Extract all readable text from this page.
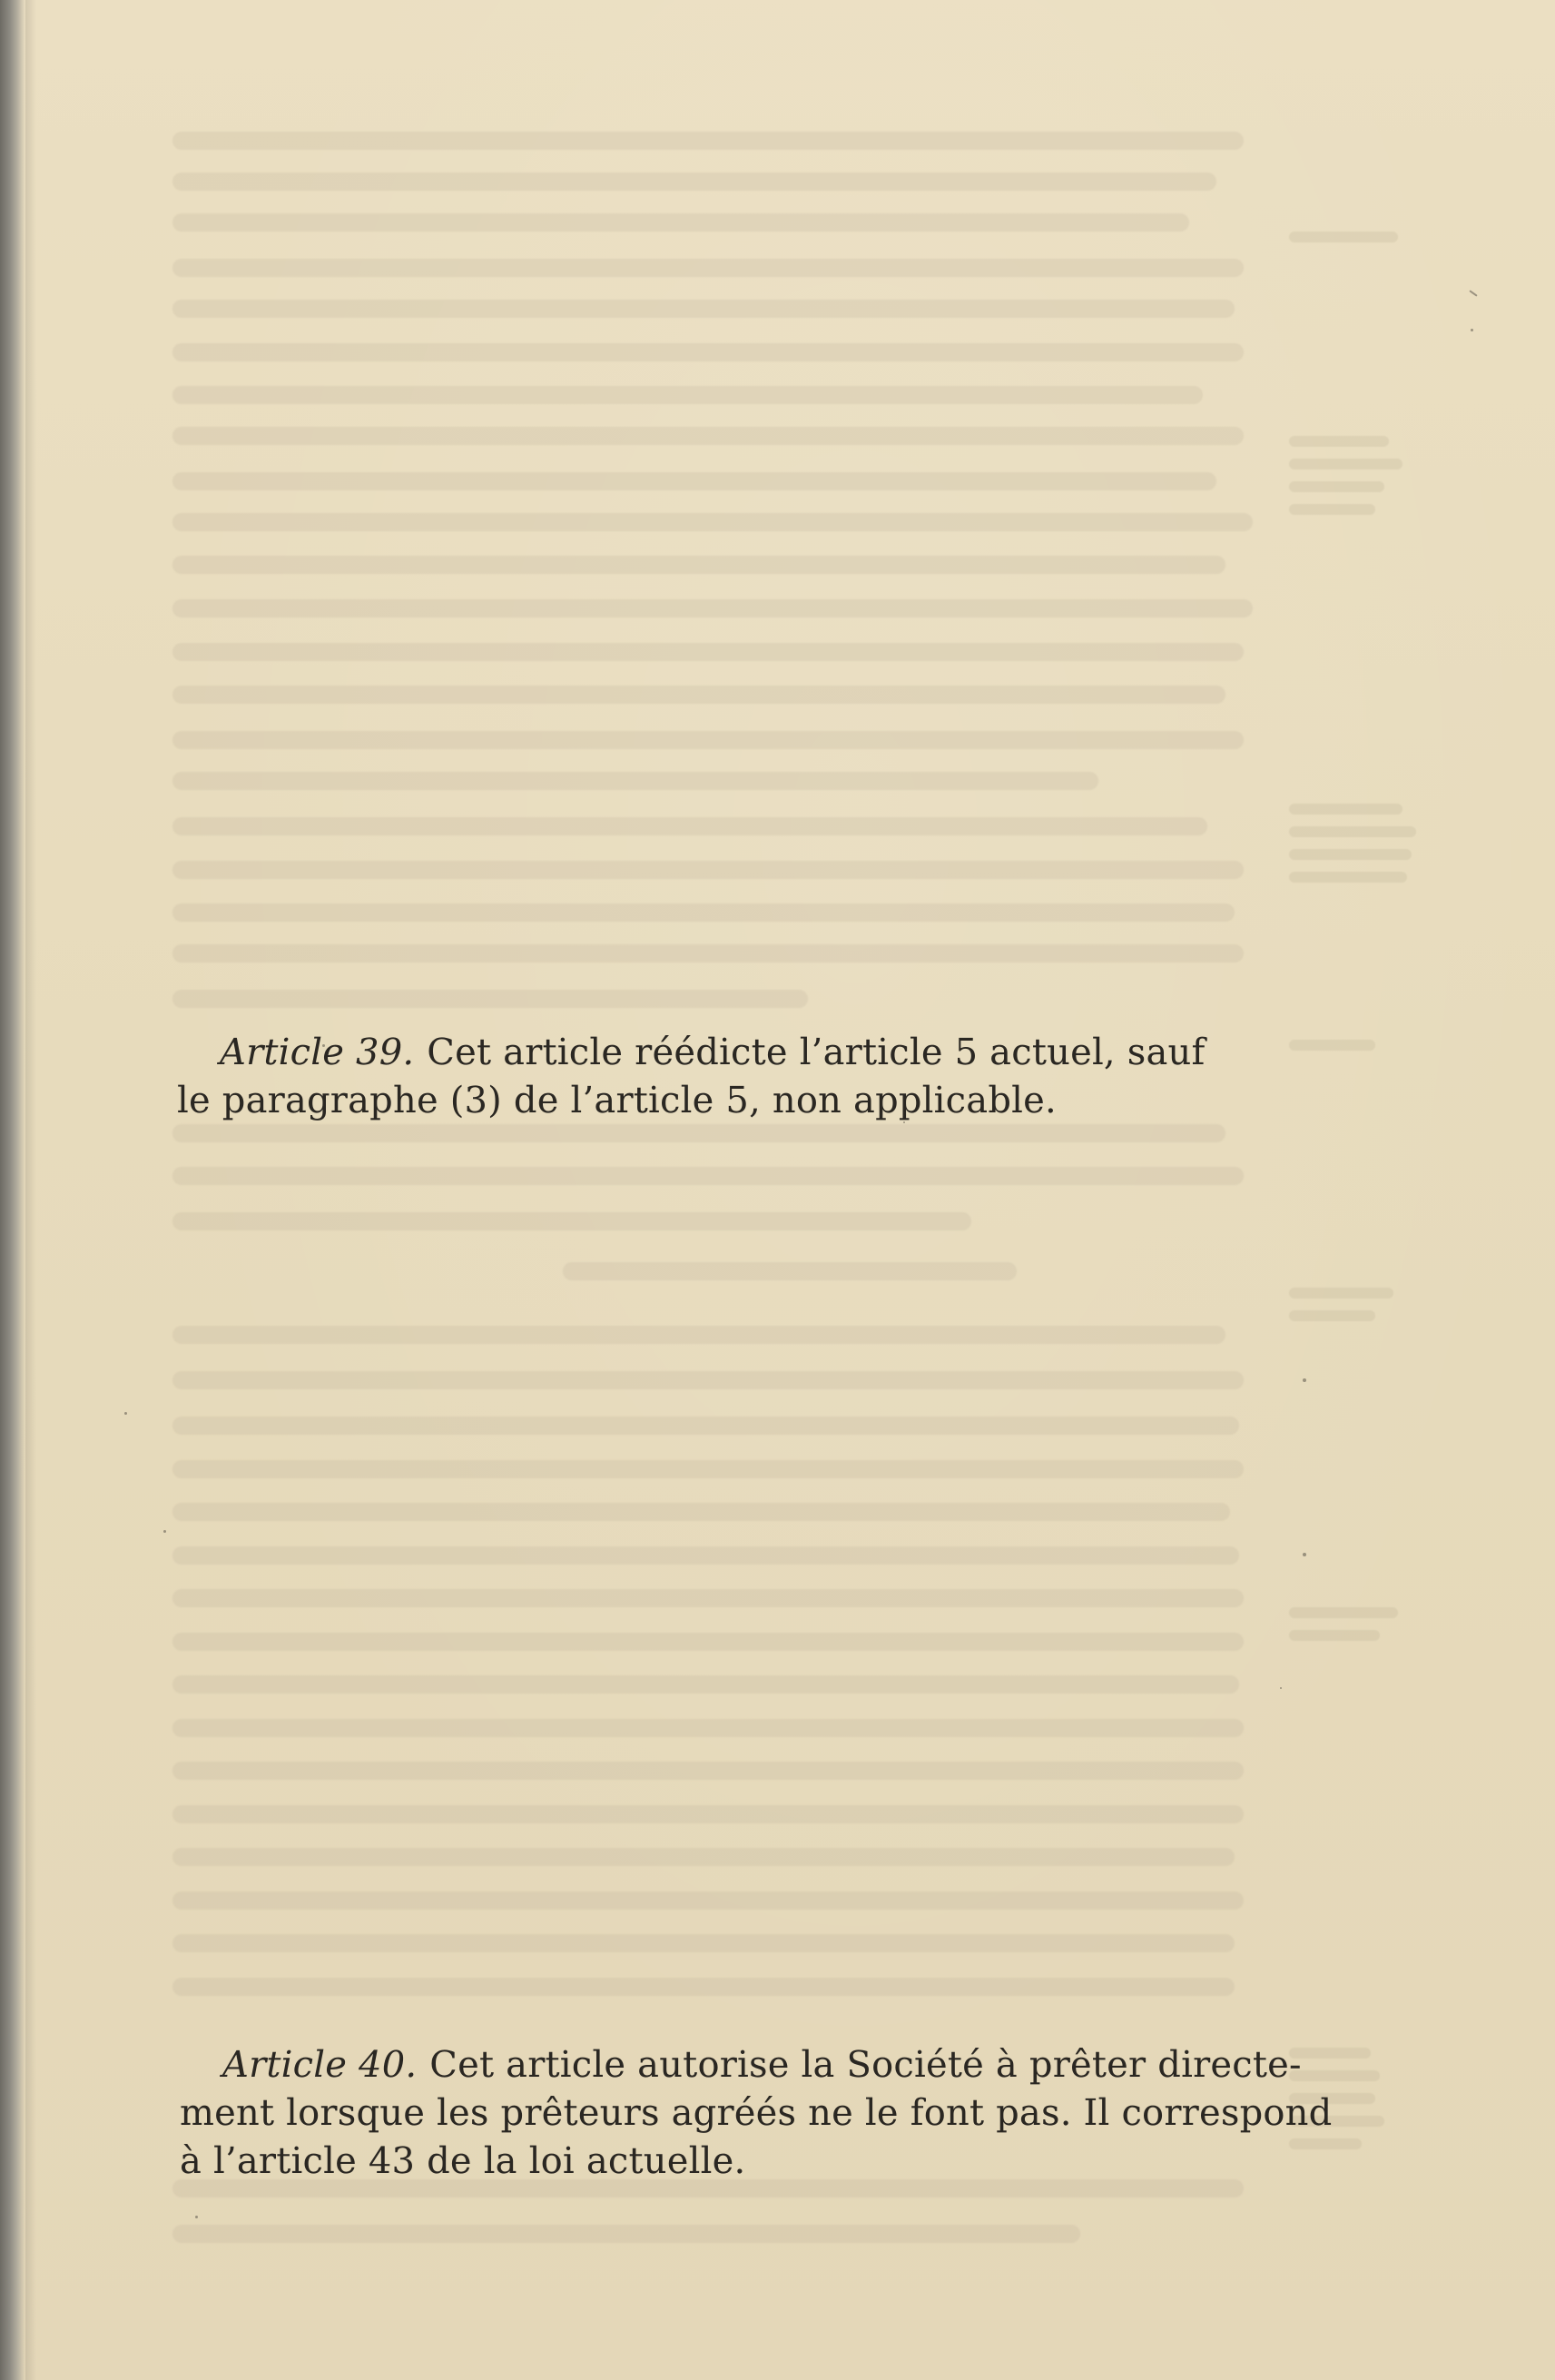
Article 39. Cet article réédicte l’article 5 actuel, sauf
le paragraphe (3) de l’article 5, non applicable.
Article 40. Cet article autorise la Société à prêter directe-
ment lorsque les prêteurs agréés ne le font pas. Il correspond
à l’article 43 de la loi actuelle.
